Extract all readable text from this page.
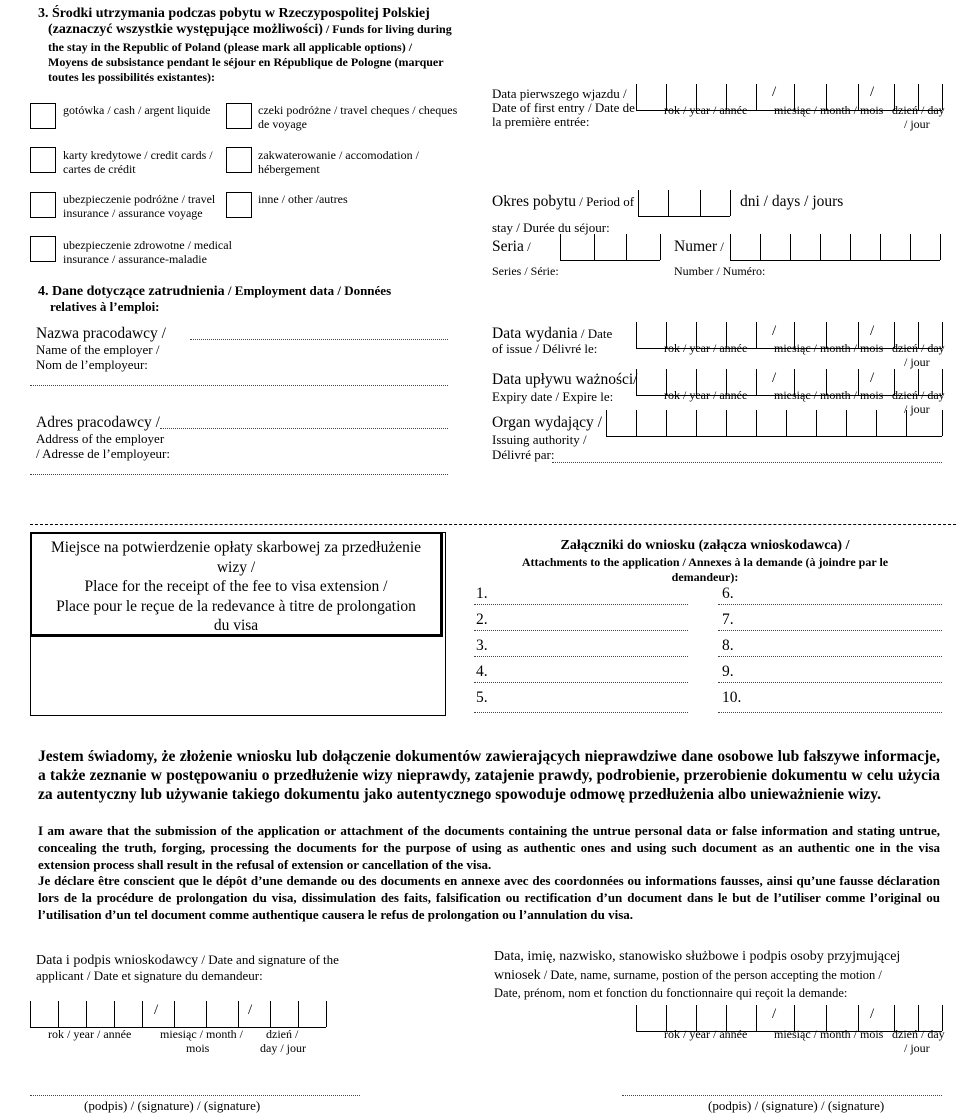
3. Środki utrzymania podczas pobytu w Rzeczypospolitej Polskiej
(zaznaczyć wszystkie występujące możliwości) / Funds for living during
the stay in the Republic of Poland (please mark all applicable options) /
Moyens de subsistance pendant le séjour en République de Pologne (marquer
toutes les possibilités existantes):
gotówka / cash / argent liquide	czeki podróżne / travel cheques / cheques
de voyage
karty kredytowe / credit cards /
cartes de crédit
zakwaterowanie / accomodation /
hébergement
ubezpieczenie podróżne / travel
insurance / assurance voyage
inne / other /autres
ubezpieczenie zdrowotne / medical
insurance / assurance-maladie
Data pierwszego wjazdu /
Date of first entry / Date de
la première entrée:
/	/
rok / year / année miesiąc / month / mois dzień / day
/ jour
Okres pobytu / Period of
stay / Durée du séjour:
dni / days / jours
Seria /
Series / Série:
Numer /
Number / Numéro:
4. Dane dotyczące zatrudnienia / Employment data / Données
relatives à l’emploi:
Nazwa pracodawcy /
Name of the employer /
Nom de l’employeur:
Adres pracodawcy /
Address of the employer
/ Adresse de l’employeur:
Data wydania / Date
of issue / Délivré le:
/	/
rok / year / année miesiąc / month / mois dzień / day
/ jour
Data upływu ważności/
Expiry date / Expire le:
/	/
rok / year / année miesiąc / month / mois dzień / day
/ jour
Organ wydający /
Issuing authority /
Délivré par:
Miejsce na potwierdzenie opłaty skarbowej za przedłużenie
wizy /
Place for the receipt of the fee to visa extension /
Place pour le reçue de la redevance à titre de prolongation
du visa
Załączniki do wniosku (załącza wnioskodawca) /
Attachments to the application / Annexes à la demande (à joindre par le
demandeur):
1.
2.
3.
4.
5.
6.
7.
8.
9.
10.
Jestem świadomy, że złożenie wniosku lub dołączenie dokumentów zawierających nieprawdziwe dane osobowe lub fałszywe informacje, a także zeznanie w postępowaniu o przedłużenie wizy nieprawdy, zatajenie prawdy, podrobienie, przerobienie dokumentu w celu użycia za autentyczny lub używanie takiego dokumentu jako autentycznego spowoduje odmowę przedłużenia albo unieważnienie wizy.
I am aware that the submission of the application or attachment of the documents containing the untrue personal data or false information and stating untrue, concealing the truth, forging, processing the documents for the purpose of using as authentic ones and using such document as an authentic one in the visa extension process shall result in the refusal of extension or cancellation of the visa.
Je déclare être conscient que le dépôt d’une demande ou des documents en annexe avec des coordonnées ou informations fausses, ainsi qu’une fausse déclaration lors de la procédure de prolongation du visa, dissimulation des faits, falsification ou rectification d’un document dans le but de l’utiliser comme l’original ou l’utilisation d’un tel document comme authentique causera le refus de prolongation ou l’annulation du visa.
Data i podpis wnioskodawcy / Date and signature of the
applicant / Date et signature du demandeur:
/	/
rok / year / année miesiąc / month /
mois
dzień /
day / jour
(podpis) / (signature) / (signature)
Data, imię, nazwisko, stanowisko służbowe i podpis osoby przyjmującej
wniosek / Date, name, surname, postion of the person accepting the motion /
Date, prénom, nom et fonction du fonctionnaire qui reçoit la demande:
/	/
rok / year / année miesiąc / month / mois dzień / day
/ jour
(podpis) / (signature) / (signature)
